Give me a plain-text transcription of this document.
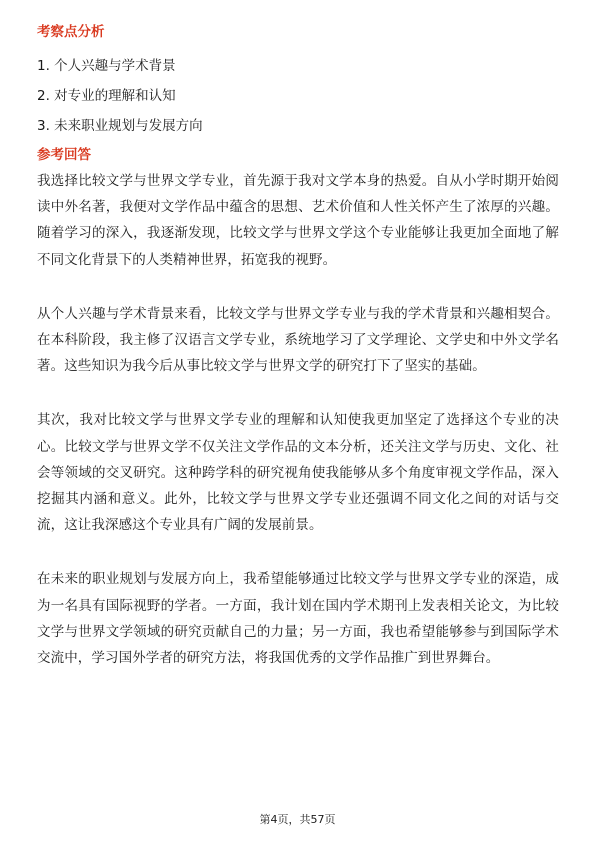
考察点分析
1. 个人兴趣与学术背景
2. 对专业的理解和认知
3. 未来职业规划与发展方向
参考回答

我选择比较文学与世界文学专业，首先源于我对文学本身的热爱。自从小学时期开始阅读中外名著，我便对文学作品中蕴含的思想、艺术价值和人性关怀产生了浓厚的兴趣。随着学习的深入，我逐渐发现，比较文学与世界文学这个专业能够让我更加全面地了解不同文化背景下的人类精神世界，拓宽我的视野。

从个人兴趣与学术背景来看，比较文学与世界文学专业与我的学术背景和兴趣相契合。在本科阶段，我主修了汉语言文学专业，系统地学习了文学理论、文学史和中外文学名著。这些知识为我今后从事比较文学与世界文学的研究打下了坚实的基础。

其次，我对比较文学与世界文学专业的理解和认知使我更加坚定了选择这个专业的决心。比较文学与世界文学不仅关注文学作品的文本分析，还关注文学与历史、文化、社会等领域的交叉研究。这种跨学科的研究视角使我能够从多个角度审视文学作品，深入挖掘其内涵和意义。此外，比较文学与世界文学专业还强调不同文化之间的对话与交流，这让我深感这个专业具有广阔的发展前景。

在未来的职业规划与发展方向上，我希望能够通过比较文学与世界文学专业的深造，成为一名具有国际视野的学者。一方面，我计划在国内学术期刊上发表相关论文，为比较文学与世界文学领域的研究贡献自己的力量；另一方面，我也希望能够参与到国际学术交流中，学习国外学者的研究方法，将我国优秀的文学作品推广到世界舞台。

第4页，共57页
